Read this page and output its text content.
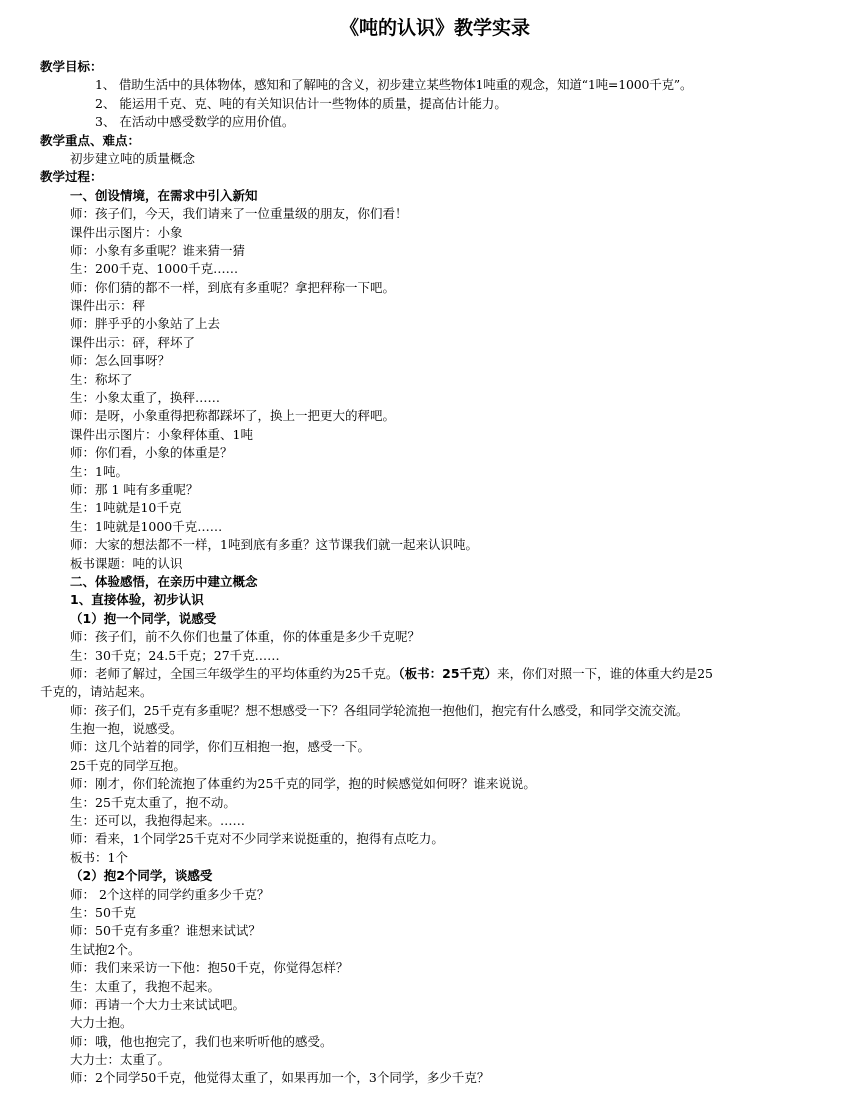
《吨的认识》教学实录
教学目标：
1、 借助生活中的具体物体，感知和了解吨的含义，初步建立某些物体1吨重的观念，知道“1吨=1000千克”。
2、 能运用千克、克、吨的有关知识估计一些物体的质量，提高估计能力。
3、 在活动中感受数学的应用价值。
教学重点、难点：
初步建立吨的质量概念
教学过程：
一、创设情境，在需求中引入新知
师：孩子们，今天，我们请来了一位重量级的朋友，你们看！
课件出示图片：小象
师：小象有多重呢？谁来猜一猜
生：200千克、1000千克……
师：你们猜的都不一样，到底有多重呢？拿把秤称一下吧。
课件出示：秤
师：胖乎乎的小象站了上去
课件出示：砰，秤坏了
师：怎么回事呀？
生：称坏了
生：小象太重了，换秤……
师：是呀，小象重得把称都踩坏了，换上一把更大的秤吧。
课件出示图片：小象秤体重、1吨
师：你们看，小象的体重是？
生：1吨。
师：那 1 吨有多重呢？
生：1吨就是10千克
生：1吨就是1000千克……
师：大家的想法都不一样，1吨到底有多重？这节课我们就一起来认识吨。
板书课题：吨的认识
二、体验感悟，在亲历中建立概念
1、直接体验，初步认识
（1）抱一个同学，说感受
师：孩子们，前不久你们也量了体重，你的体重是多少千克呢？
生：30千克；24.5千克；27千克……
师：老师了解过，全国三年级学生的平均体重约为25千克。（板书：25千克）来，你们对照一下，谁的体重大约是25
千克的，请站起来。
师：孩子们，25千克有多重呢？想不想感受一下？各组同学轮流抱一抱他们，抱完有什么感受，和同学交流交流。
生抱一抱，说感受。
师：这几个站着的同学，你们互相抱一抱，感受一下。
25千克的同学互抱。
师：刚才，你们轮流抱了体重约为25千克的同学，抱的时候感觉如何呀？谁来说说。
生：25千克太重了，抱不动。
生：还可以，我抱得起来。……
师：看来，1个同学25千克对不少同学来说挺重的，抱得有点吃力。
板书：1个
（2）抱2个同学，谈感受
师： 2个这样的同学约重多少千克？
生：50千克
师：50千克有多重？谁想来试试？
生试抱2个。
师：我们来采访一下他：抱50千克，你觉得怎样？
生：太重了，我抱不起来。
师：再请一个大力士来试试吧。
大力士抱。
师：哦，他也抱完了，我们也来听听他的感受。
大力士：太重了。
师：2个同学50千克，他觉得太重了，如果再加一个，3个同学，多少千克？
